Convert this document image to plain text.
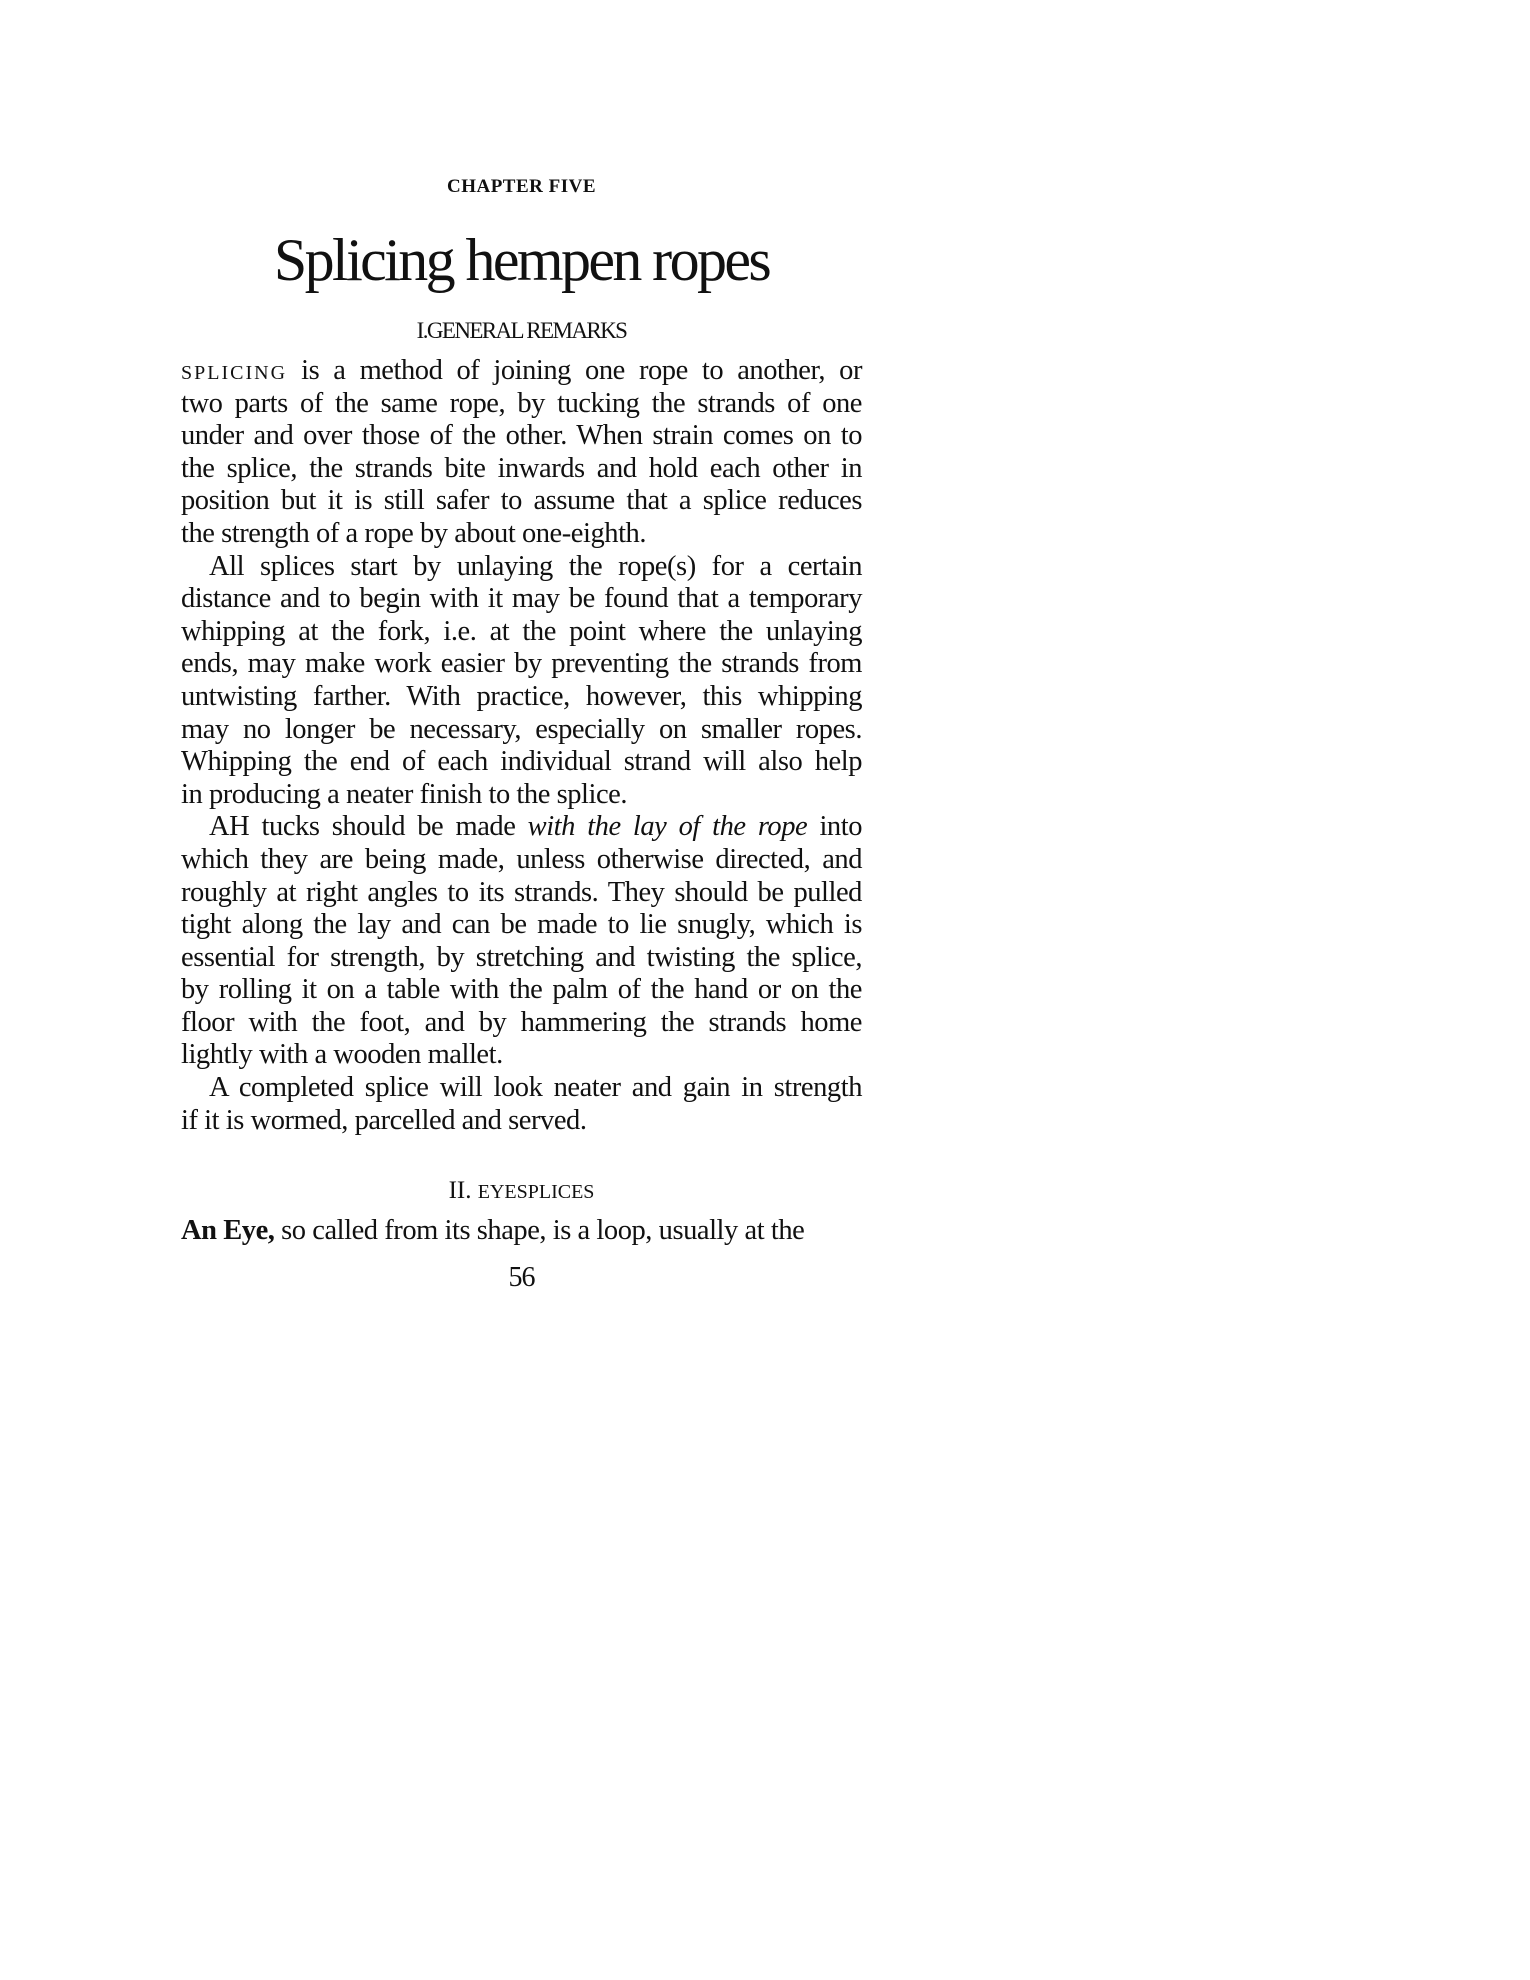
CHAPTER FIVE
Splicing hempen ropes
I.GENERAL REMARKS
SPLICING is a method of joining one rope to another, or
two parts of the same rope, by tucking the strands of one
under and over those of the other. When strain comes on to
the splice, the strands bite inwards and hold each other in
position but it is still safer to assume that a splice reduces
the strength of a rope by about one-eighth.
 All splices start by unlaying the rope(s) for a certain
distance and to begin with it may be found that a temporary
whipping at the fork, i.e. at the point where the unlaying
ends, may make work easier by preventing the strands from
untwisting farther. With practice, however, this whipping
may no longer be necessary, especially on smaller ropes.
Whipping the end of each individual strand will also help
in producing a neater finish to the splice.
 AH tucks should be made with the lay of the rope into
which they are being made, unless otherwise directed, and
roughly at right angles to its strands. They should be pulled
tight along the lay and can be made to lie snugly, which is
essential for strength, by stretching and twisting the splice,
by rolling it on a table with the palm of the hand or on the
floor with the foot, and by hammering the strands home
lightly with a wooden mallet.
 A completed splice will look neater and gain in strength
if it is wormed, parcelled and served.
II. EYESPLICES
An Eye, so called from its shape, is a loop, usually at the
56
